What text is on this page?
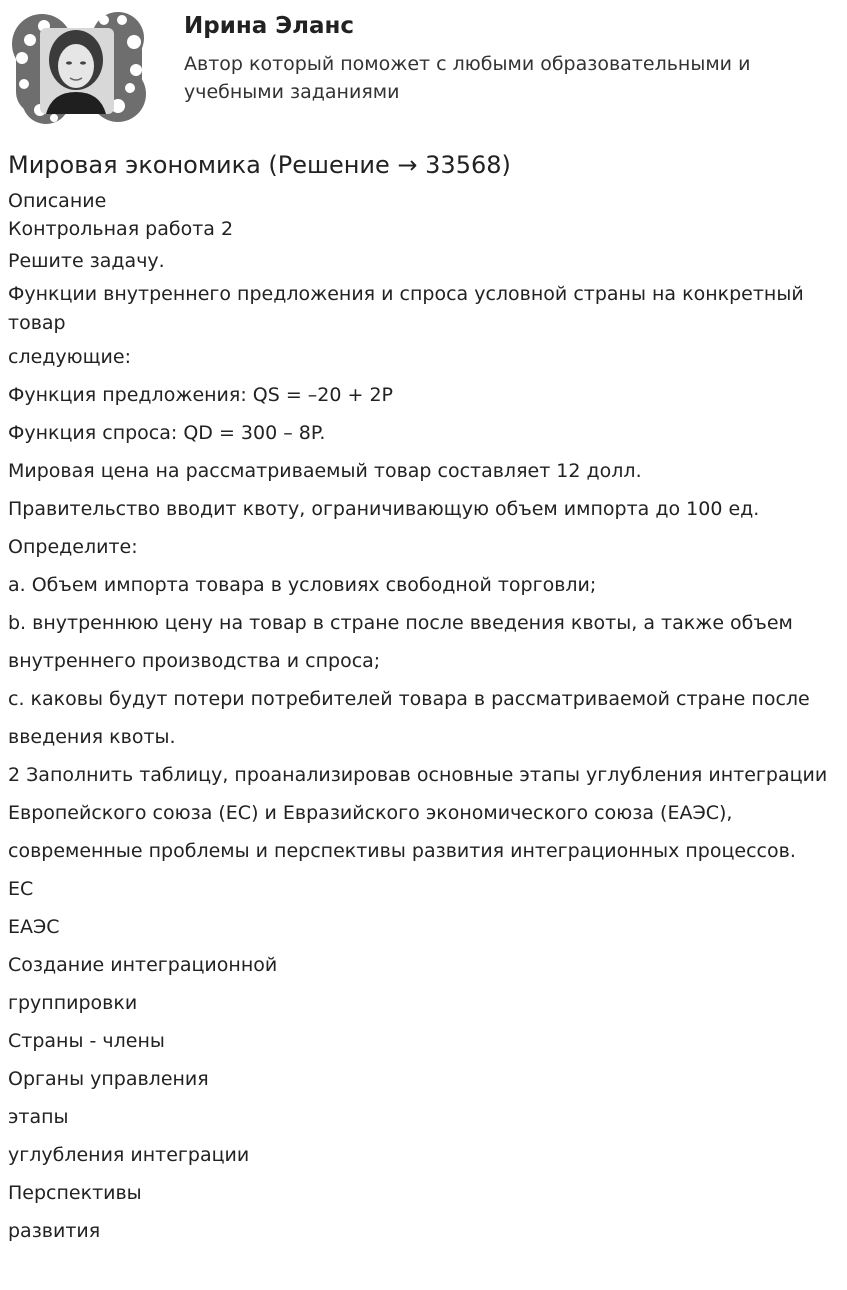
Ирина Эланс

Автор который поможет с любыми образовательными и учебными заданиями

Мировая экономика (Решение → 33568)
Описание

Контрольная работа 2

Решите задачу.

Функции внутреннего предложения и спроса условной страны на конкретный товар

следующие:

Функция предложения: QS = –20 + 2P

Функция спроса: QD = 300 – 8P.

Мировая цена на рассматриваемый товар составляет 12 долл.

Правительство вводит квоту, ограничивающую объем импорта до 100 ед.

Определите:

a. Объем импорта товара в условиях свободной торговли;

b. внутреннюю цену на товар в стране после введения квоты, а также объем

внутреннего производства и спроса;

c. каковы будут потери потребителей товара в рассматриваемой стране после

введения квоты.

2 Заполнить таблицу, проанализировав основные этапы углубления интеграции

Европейского союза (ЕС) и Евразийского экономического союза (ЕАЭС),

современные проблемы и перспективы развития интеграционных процессов.

ЕС

ЕАЭС

Создание интеграционной

группировки

Страны - члены

Органы управления

этапы

углубления интеграции

Перспективы

развития
